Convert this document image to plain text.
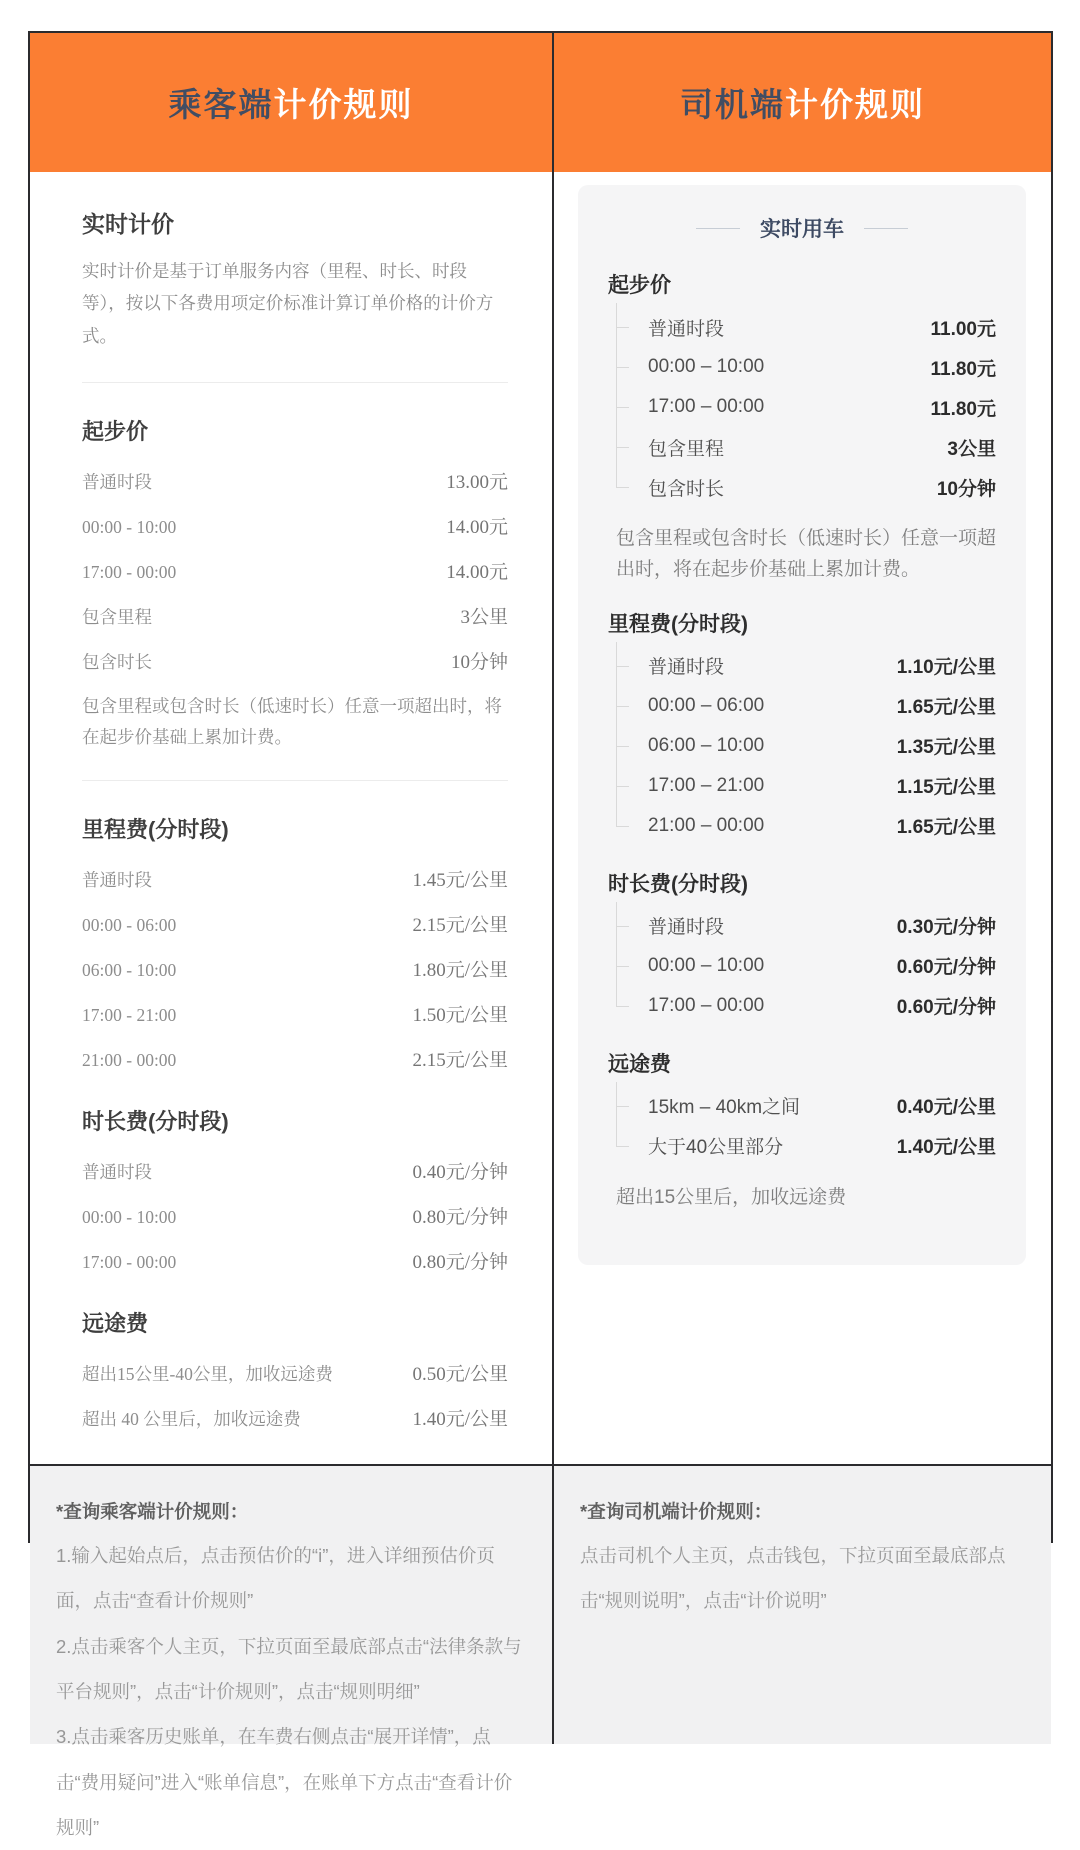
乘客端计价规则	司机端计价规则
实时计价

实时计价是基于订单服务内容（里程、时长、时段等），按以下各费用项定价标准计算订单价格的计价方式。

起步价
普通时段	13.00元
00:00 - 10:00	14.00元
17:00 - 00:00	14.00元
包含里程	3公里
包含时长	10分钟

包含里程或包含时长（低速时长）任意一项超出时，将在起步价基础上累加计费。

里程费(分时段)
普通时段	1.45元/公里
00:00 - 06:00	2.15元/公里
06:00 - 10:00	1.80元/公里
17:00 - 21:00	1.50元/公里
21:00 - 00:00	2.15元/公里
时长费(分时段)
普通时段	0.40元/分钟
00:00 - 10:00	0.80元/分钟
17:00 - 00:00	0.80元/分钟
远途费
超出15公里-40公里，加收远途费	0.50元/公里
超出 40 公里后，加收远途费	1.40元/公里
实时用车
起步价
普通时段	11.00元
00:00 – 10:00	11.80元
17:00 – 00:00	11.80元
包含里程	3公里
包含时长	10分钟

包含里程或包含时长（低速时长）任意一项超出时，将在起步价基础上累加计费。

里程费(分时段)
普通时段	1.10元/公里
00:00 – 06:00	1.65元/公里
06:00 – 10:00	1.35元/公里
17:00 – 21:00	1.15元/公里
21:00 – 00:00	1.65元/公里
时长费(分时段)
普通时段	0.30元/分钟
00:00 – 10:00	0.60元/分钟
17:00 – 00:00	0.60元/分钟
远途费
15km – 40km之间	0.40元/公里
大于40公里部分	1.40元/公里

超出15公里后，加收远途费

*查询乘客端计价规则：

1.输入起始点后，点击预估价的“i”，进入详细预估价页面，点击“查看计价规则”

2.点击乘客个人主页，下拉页面至最底部点击“法律条款与平台规则”，点击“计价规则”，点击“规则明细”

3.点击乘客历史账单，在车费右侧点击“展开详情”，点击“费用疑问”进入“账单信息”，在账单下方点击“查看计价规则”

*查询司机端计价规则：

点击司机个人主页，点击钱包，下拉页面至最底部点击“规则说明”，点击“计价说明”
